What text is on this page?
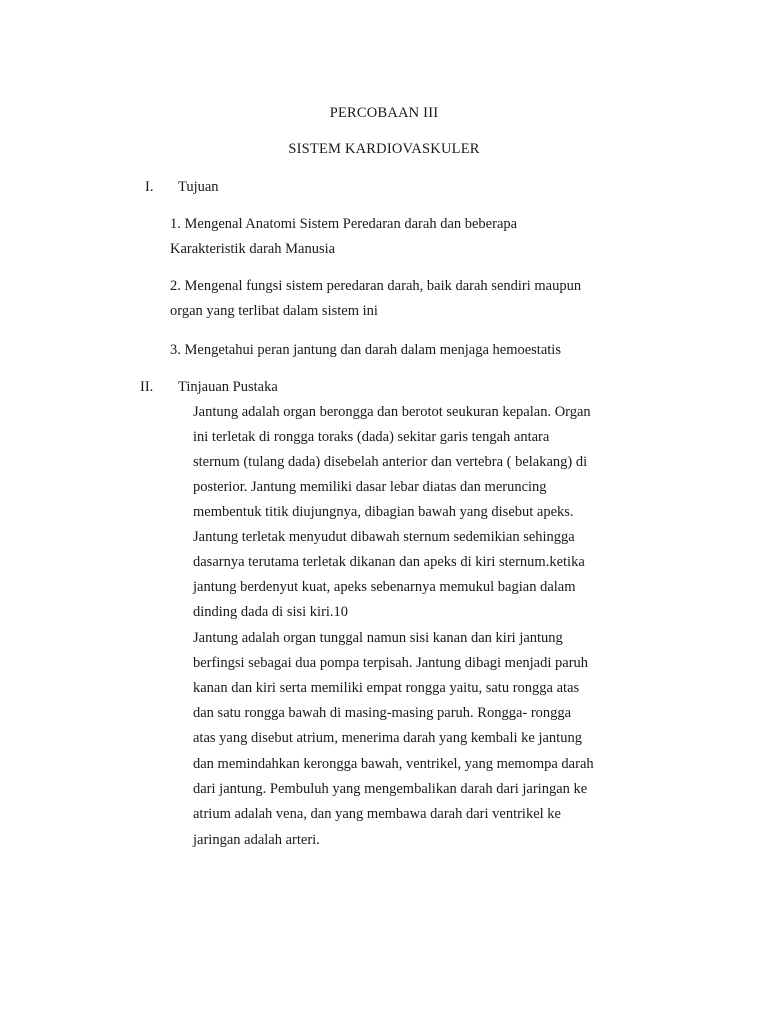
PERCOBAAN III
SISTEM KARDIOVASKULER
I. Tujuan
1. Mengenal Anatomi Sistem Peredaran darah dan beberapa
Karakteristik darah Manusia
2. Mengenal fungsi sistem peredaran darah, baik darah sendiri maupun
organ yang terlibat dalam sistem ini
3. Mengetahui peran jantung dan darah dalam menjaga hemoestatis
II. Tinjauan Pustaka
Jantung adalah organ berongga dan berotot seukuran kepalan. Organ
ini terletak di rongga toraks (dada) sekitar garis tengah antara
sternum (tulang dada) disebelah anterior dan vertebra ( belakang) di
posterior. Jantung memiliki dasar lebar diatas dan meruncing
membentuk titik diujungnya, dibagian bawah yang disebut apeks.
Jantung terletak menyudut dibawah sternum sedemikian sehingga
dasarnya terutama terletak dikanan dan apeks di kiri sternum.ketika
jantung berdenyut kuat, apeks sebenarnya memukul bagian dalam
dinding dada di sisi kiri.10
Jantung adalah organ tunggal namun sisi kanan dan kiri jantung
berfingsi sebagai dua pompa terpisah. Jantung dibagi menjadi paruh
kanan dan kiri serta memiliki empat rongga yaitu, satu rongga atas
dan satu rongga bawah di masing-masing paruh. Rongga- rongga
atas yang disebut atrium, menerima darah yang kembali ke jantung
dan memindahkan kerongga bawah, ventrikel, yang memompa darah
dari jantung. Pembuluh yang mengembalikan darah dari jaringan ke
atrium adalah vena, dan yang membawa darah dari ventrikel ke
jaringan adalah arteri.
